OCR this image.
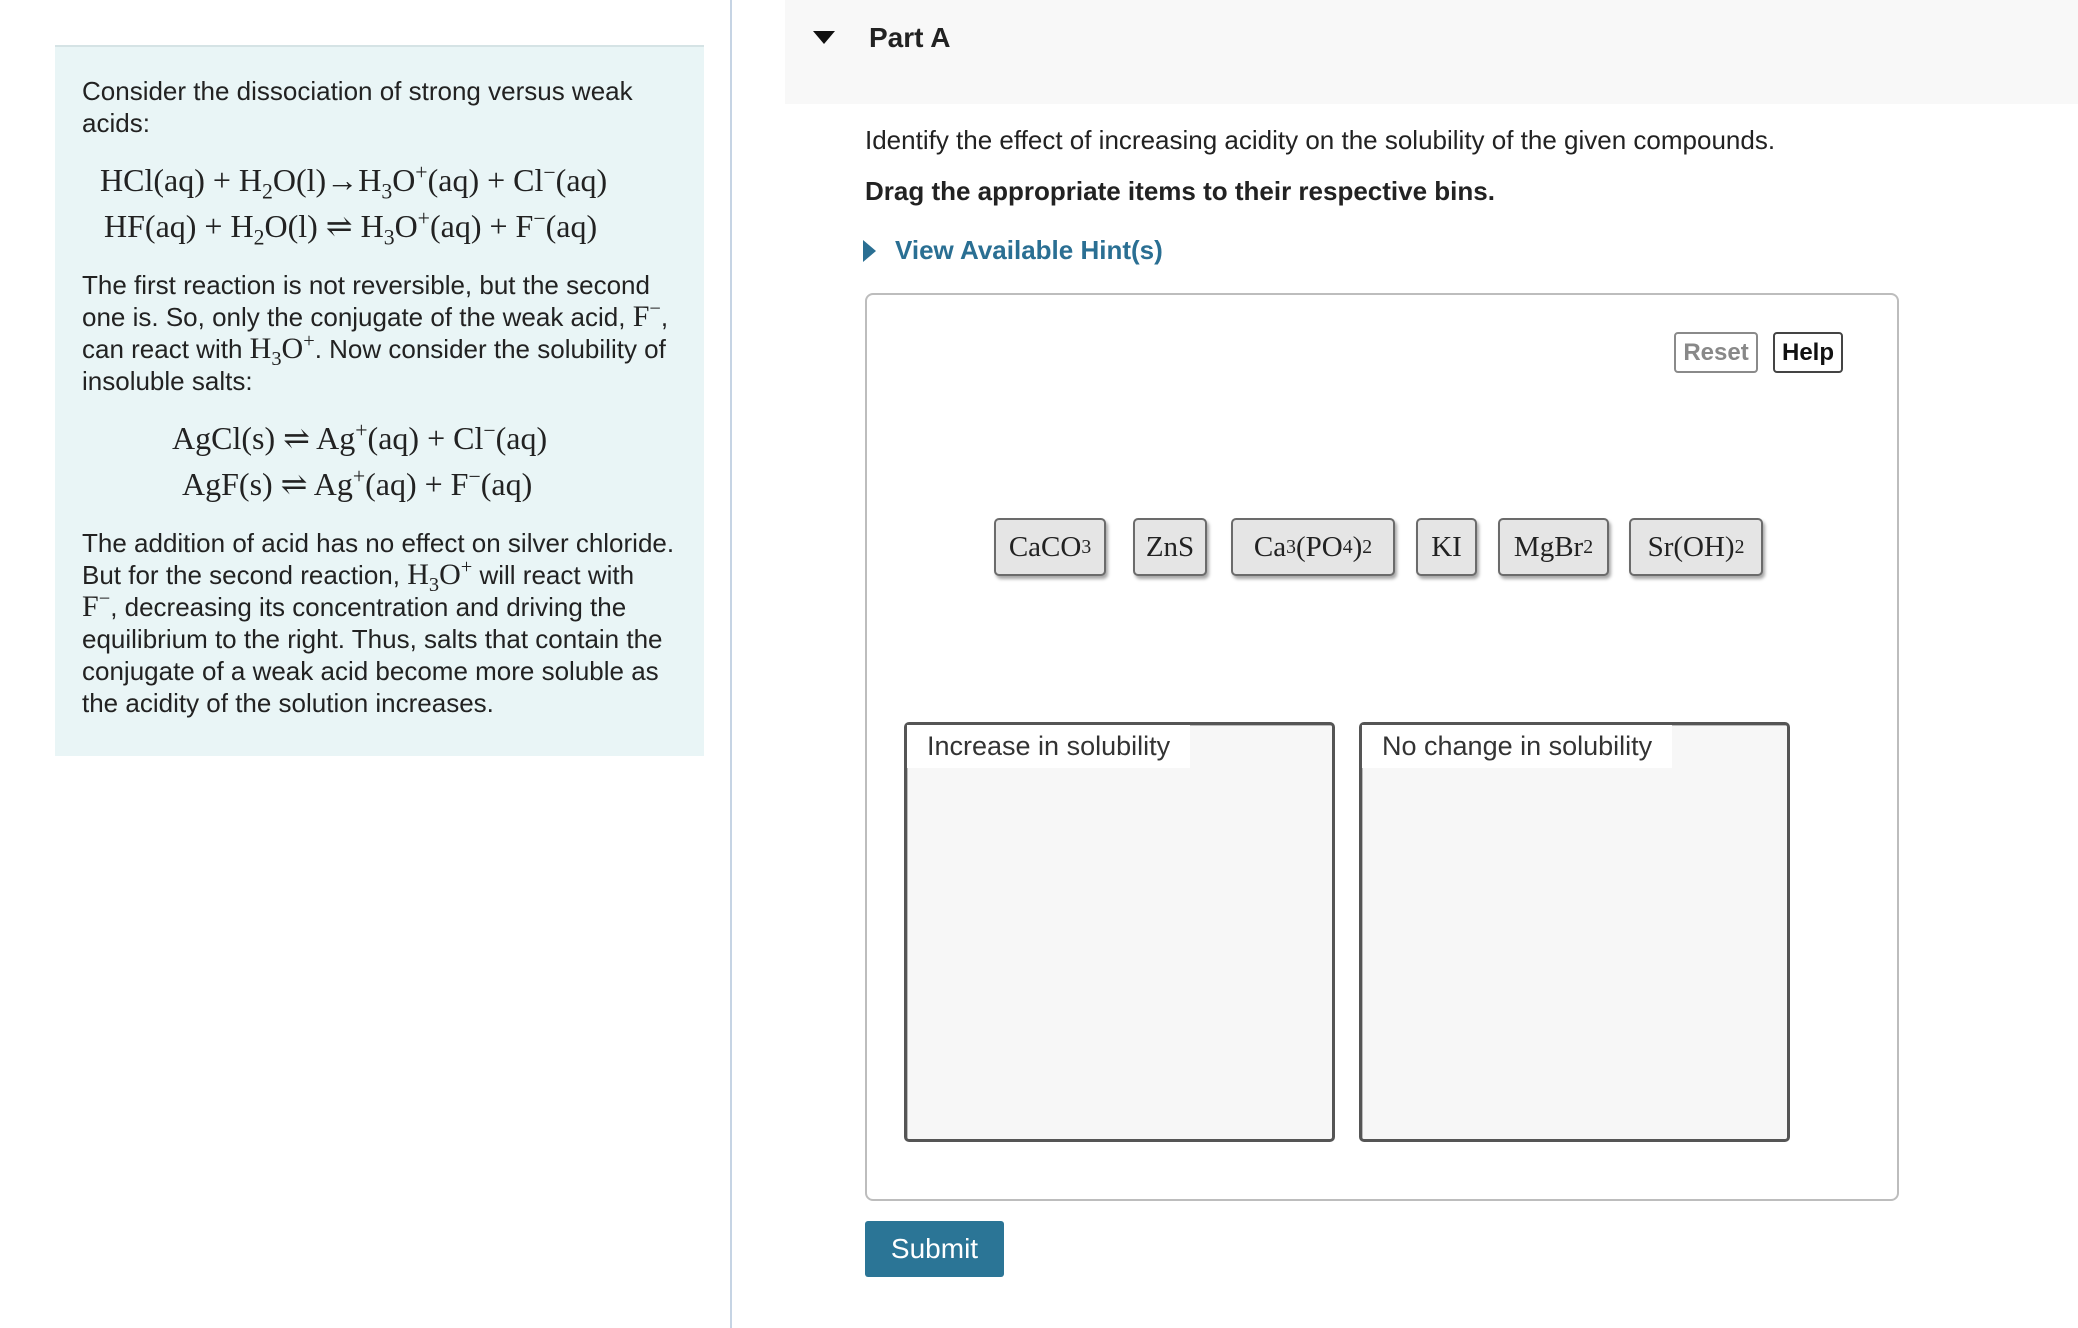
Consider the dissociation of strong versus weak acids:

$HCl(aq) + H_2O(l)\to H_3O^+(aq) + Cl^-(aq)$
$HF(aq) + H_2O(l)$ ⇌ $H_3O^+(aq) + F^-(aq)$

The first reaction is not reversible, but the second one is. So, only the conjugate of the weak acid, F−, can react with $H_3O^+$. Now consider the solubility of insoluble salts:

AgCl(s) ⇌ Ag+(aq) + Cl−(aq)
AgF(s) ⇌ Ag+(aq) + F−(aq)

The addition of acid has no effect on silver chloride. But for the second reaction, $H_3O^+$ will react with F−, decreasing its concentration and driving the equilibrium to the right. Thus, salts that contain the conjugate of a weak acid become more soluble as the acidity of the solution increases.

Part A
Identify the effect of increasing acidity on the solubility of the given compounds.
Drag the appropriate items to their respective bins.
View Available Hint(s)
Reset	Help
CaCO 3 ZnS Ca 3 (PO 4 ) 2 KI MgBr 2 Sr(OH) 2
Increase in solubility	No change in solubility
Submit
